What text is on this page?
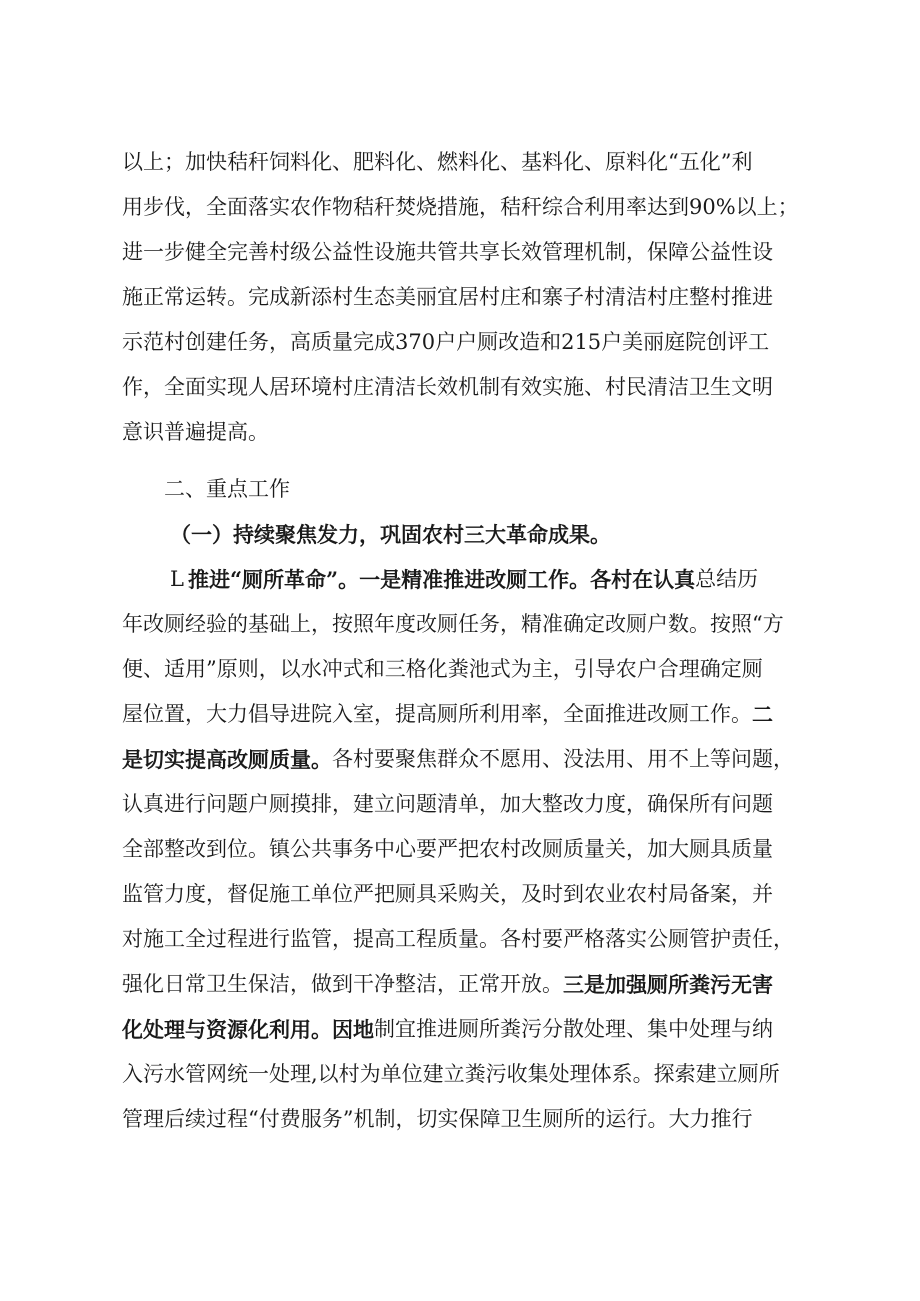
以上；加快秸秆饲料化、肥料化、燃料化、基料化、原料化“五化”利
用步伐，全面落实农作物秸秆焚烧措施，秸秆综合利用率达到90%以上；
进一步健全完善村级公益性设施共管共享长效管理机制，保障公益性设
施正常运转。完成新添村生态美丽宜居村庄和寨子村清洁村庄整村推进
示范村创建任务，高质量完成370户户厕改造和215户美丽庭院创评工
作，全面实现人居环境村庄清洁长效机制有效实施、村民清洁卫生文明
意识普遍提高。
二、重点工作
（一）持续聚焦发力，巩固农村三大革命成果。
L 推进“厕所革命”。一是精准推进改厕工作。各村在认真 总结历
年改厕经验的基础上，按照年度改厕任务，精准确定改厕户数。按照“方
便、适用”原则，以水冲式和三格化粪池式为主，引导农户合理确定厕
屋位置，大力倡导进院入室，提高厕所利用率，全面推进改厕工作。 二
是切实提高改厕质量。 各村要聚焦群众不愿用、没法用、用不上等问题，
认真进行问题户厕摸排，建立问题清单，加大整改力度，确保所有问题
全部整改到位。镇公共事务中心要严把农村改厕质量关，加大厕具质量
监管力度，督促施工单位严把厕具采购关，及时到农业农村局备案，并
对施工全过程进行监管，提高工程质量。各村要严格落实公厕管护责任，
强化日常卫生保洁，做到干净整洁，正常开放。 三是加强厕所粪污无害
化处理与资源化利用。因地 制宜推进厕所粪污分散处理、集中处理与纳
入污水管网统一处理,以村为单位建立粪污收集处理体系。探索建立厕所
管理后续过程“付费服务”机制，切实保障卫生厕所的运行。大力推行
